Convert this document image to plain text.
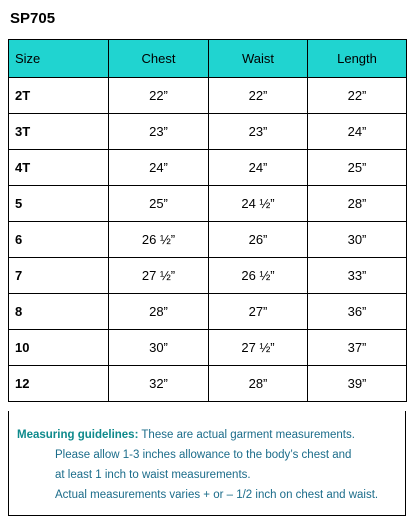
SP705
Size	Chest	Waist	Length
2T	22”	22”	22”
3T	23”	23”	24”
4T	24”	24”	25”
5	25”	24 ½”	28”
6	26 ½”	26”	30”
7	27 ½”	26 ½”	33”
8	28”	27”	36”
10	30”	27 ½”	37”
12	32”	28”	39”
Measuring guidelines: These are actual garment measurements.
Please allow 1-3 inches allowance to the body’s chest and
at least 1 inch to waist measurements.
Actual measurements varies + or – 1/2 inch on chest and waist.
